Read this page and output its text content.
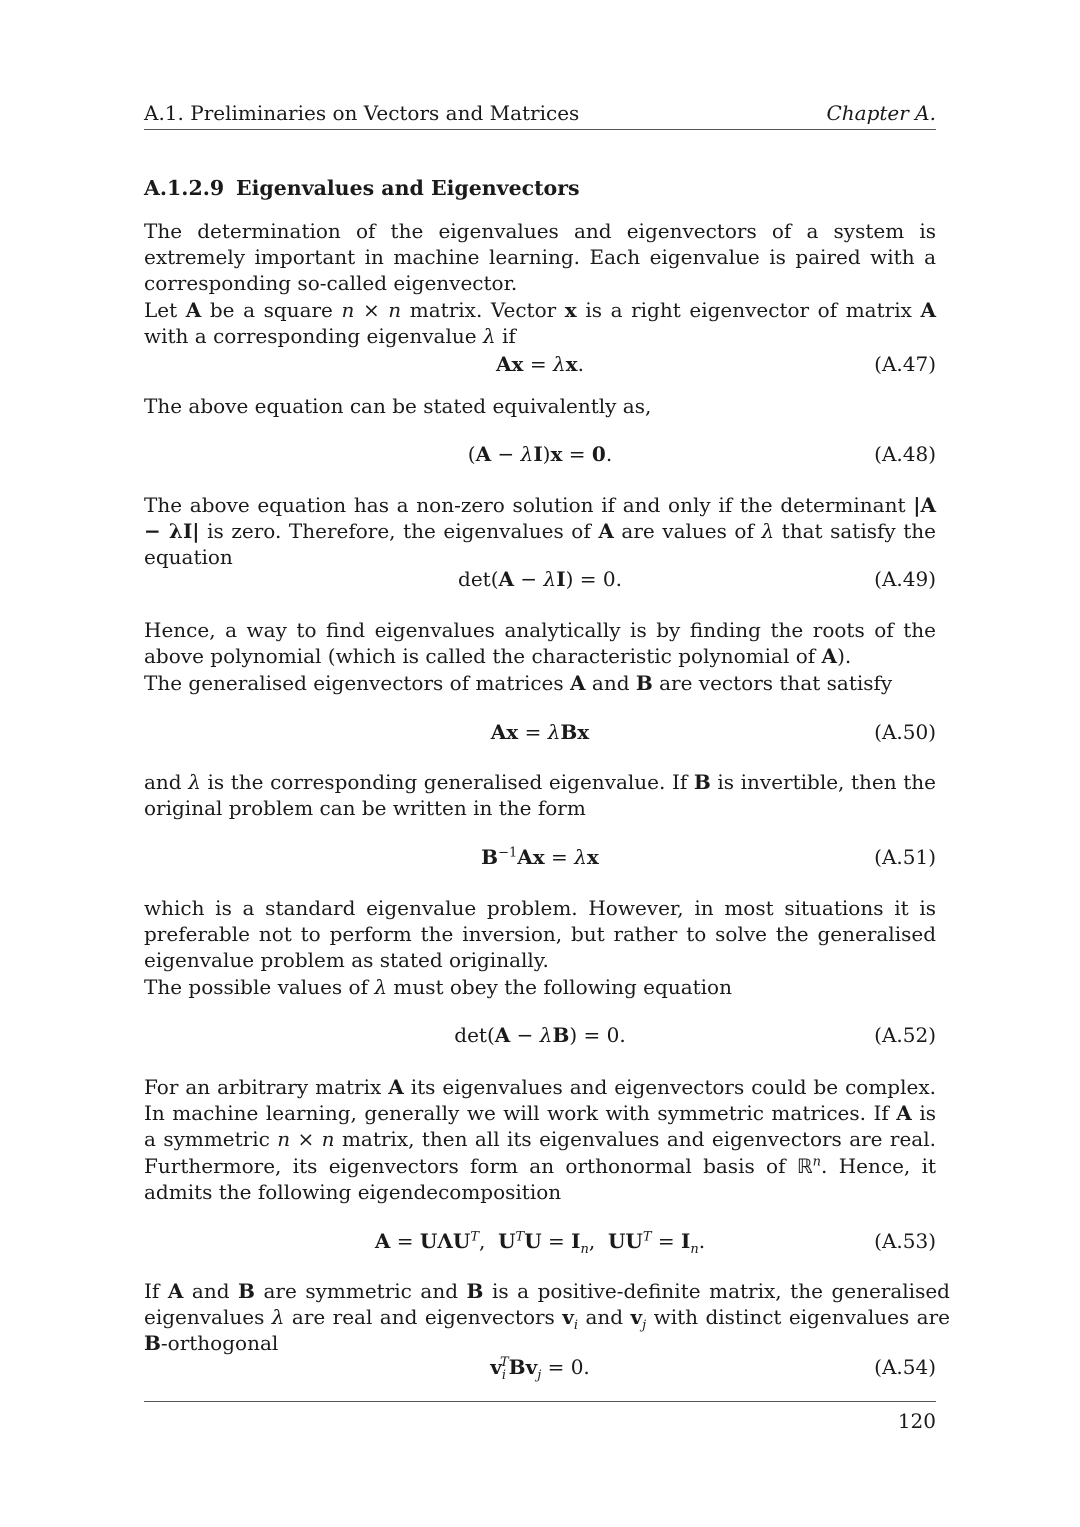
A.1. Preliminaries on Vectors and Matrices	Chapter A.
A.1.2.9 Eigenvalues and Eigenvectors

The determination of the eigenvalues and eigenvectors of a system is extremely important in machine learning. Each eigenvalue is paired with a corresponding so-called eigenvector.

Let A be a square n × n matrix. Vector x is a right eigenvector of matrix A with a corresponding eigenvalue λ if

Ax = λx.	(A.47)

The above equation can be stated equivalently as,

(A − λI)x = 0.	(A.48)

The above equation has a non-zero solution if and only if the determinant |A − λI| is zero. Therefore, the eigenvalues of A are values of λ that satisfy the equation

det(A − λI) = 0.	(A.49)

Hence, a way to find eigenvalues analytically is by finding the roots of the above polynomial (which is called the characteristic polynomial of A).

The generalised eigenvectors of matrices A and B are vectors that satisfy

Ax = λBx	(A.50)

and λ is the corresponding generalised eigenvalue. If B is invertible, then the original problem can be written in the form

$B^{-1}Ax = \lambda x$	(A.51)

which is a standard eigenvalue problem. However, in most situations it is preferable not to perform the inversion, but rather to solve the generalised eigenvalue problem as stated originally.

The possible values of λ must obey the following equation

det(A − λB) = 0.	(A.52)

For an arbitrary matrix A its eigenvalues and eigenvectors could be complex. In machine learning, generally we will work with symmetric matrices. If A is a symmetric n × n matrix, then all its eigenvalues and eigenvectors are real. Furthermore, its eigenvectors form an orthonormal basis of ℝ$^n$. Hence, it admits the following eigendecomposition

$A = U\Lambda U^T$,  $U^TU = I_n$,  $UU^T = I_n$.	(A.53)

If A and B are symmetric and B is a positive-definite matrix, the generalised eigenvalues λ are real and eigenvectors $v_i$ and $v_j$ with distinct eigenvalues are B-orthogonal

$v_i^TBv_j = 0$.	(A.54)
120
